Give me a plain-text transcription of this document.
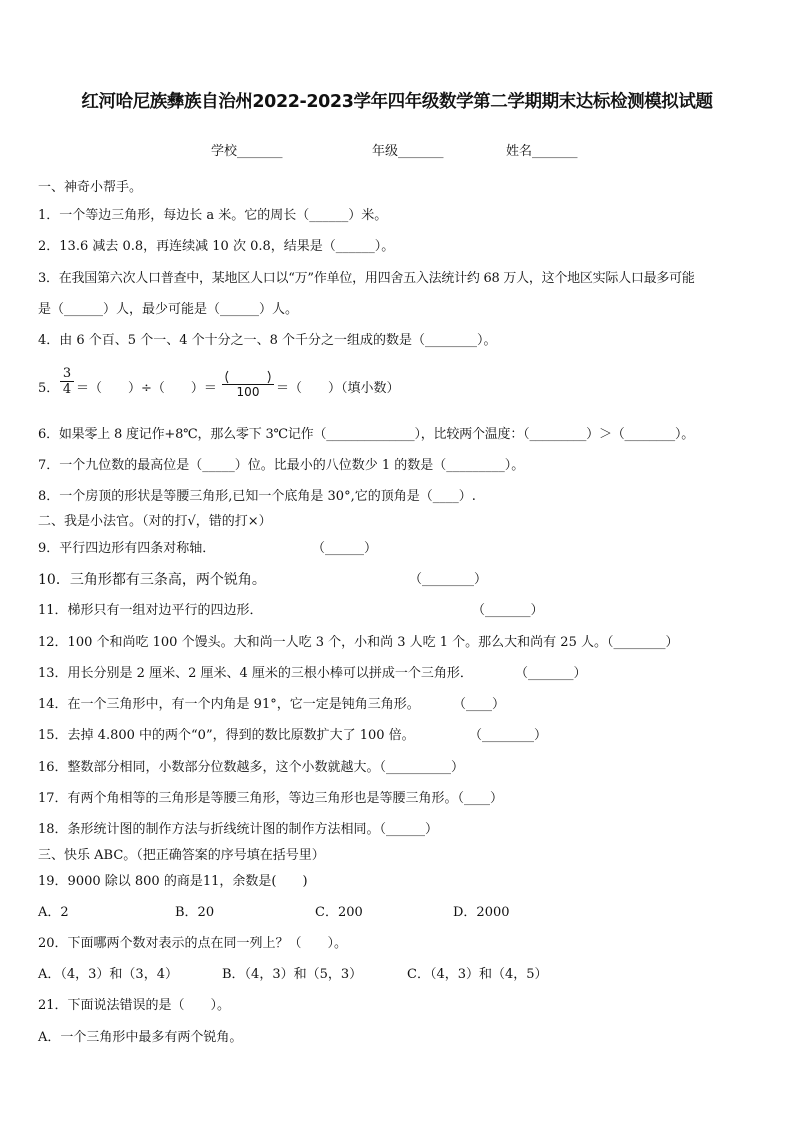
红河哈尼族彝族自治州2022-2023学年四年级数学第二学期期末达标检测模拟试题
学校_______	年级_______	姓名_______
一、神奇小帮手。
1．一个等边三角形，每边长 a 米。它的周长（______）米。
2．13.6 减去 0.8，再连续减 10 次 0.8，结果是（______）。
3．在我国第六次人口普查中，某地区人口以“万”作单位，用四舍五入法统计约 68 万人，这个地区实际人口最多可能
是（______）人，最少可能是（______）人。
4．由 6 个百、5 个一、4 个十分之一、8 个千分之一组成的数是（________）。
5．
3
4 ＝（　　）÷（　　）＝	100	＝（　　）（填小数）
6．如果零上 8 度记作+8℃，那么零下 3℃记作（______________），比较两个温度：（_________）＞（________）。
7．一个九位数的最高位是（_____）位。比最小的八位数少 1 的数是（_________）。
8．一个房顶的形状是等腰三角形,已知一个底角是 30°,它的顶角是（____）.
二、我是小法官。（对的打√，错的打×）
9．平行四边形有四条对称轴．	（______）
10．三角形都有三条高，两个锐角。	（________）
11．梯形只有一组对边平行的四边形．	（_______）
12．100 个和尚吃 100 个馒头。大和尚一人吃 3 个，小和尚 3 人吃 1 个。那么大和尚有 25 人。（________）
13．用长分别是 2 厘米、2 厘米、4 厘米的三根小棒可以拼成一个三角形．	（_______）
14．在一个三角形中，有一个内角是 91°，它一定是钝角三角形。	（____）
15．去掉 4.800 中的两个“0”，得到的数比原数扩大了 100 倍。	（________）
16．整数部分相同，小数部分位数越多，这个小数就越大。（__________）
17．有两个角相等的三角形是等腰三角形，等边三角形也是等腰三角形。（____）
18．条形统计图的制作方法与折线统计图的制作方法相同。（______）
三、快乐 ABC。（把正确答案的序号填在括号里）
19．9000 除以 800 的商是11，余数是(　　)
A．2	B．20	C．200	D．2000
20．下面哪两个数对表示的点在同一列上？（　　）。
A．（4，3）和（3，4）	B．（4，3）和（5，3）	C．（4，3）和（4，5）
21．下面说法错误的是（　　）。
A．一个三角形中最多有两个锐角。
